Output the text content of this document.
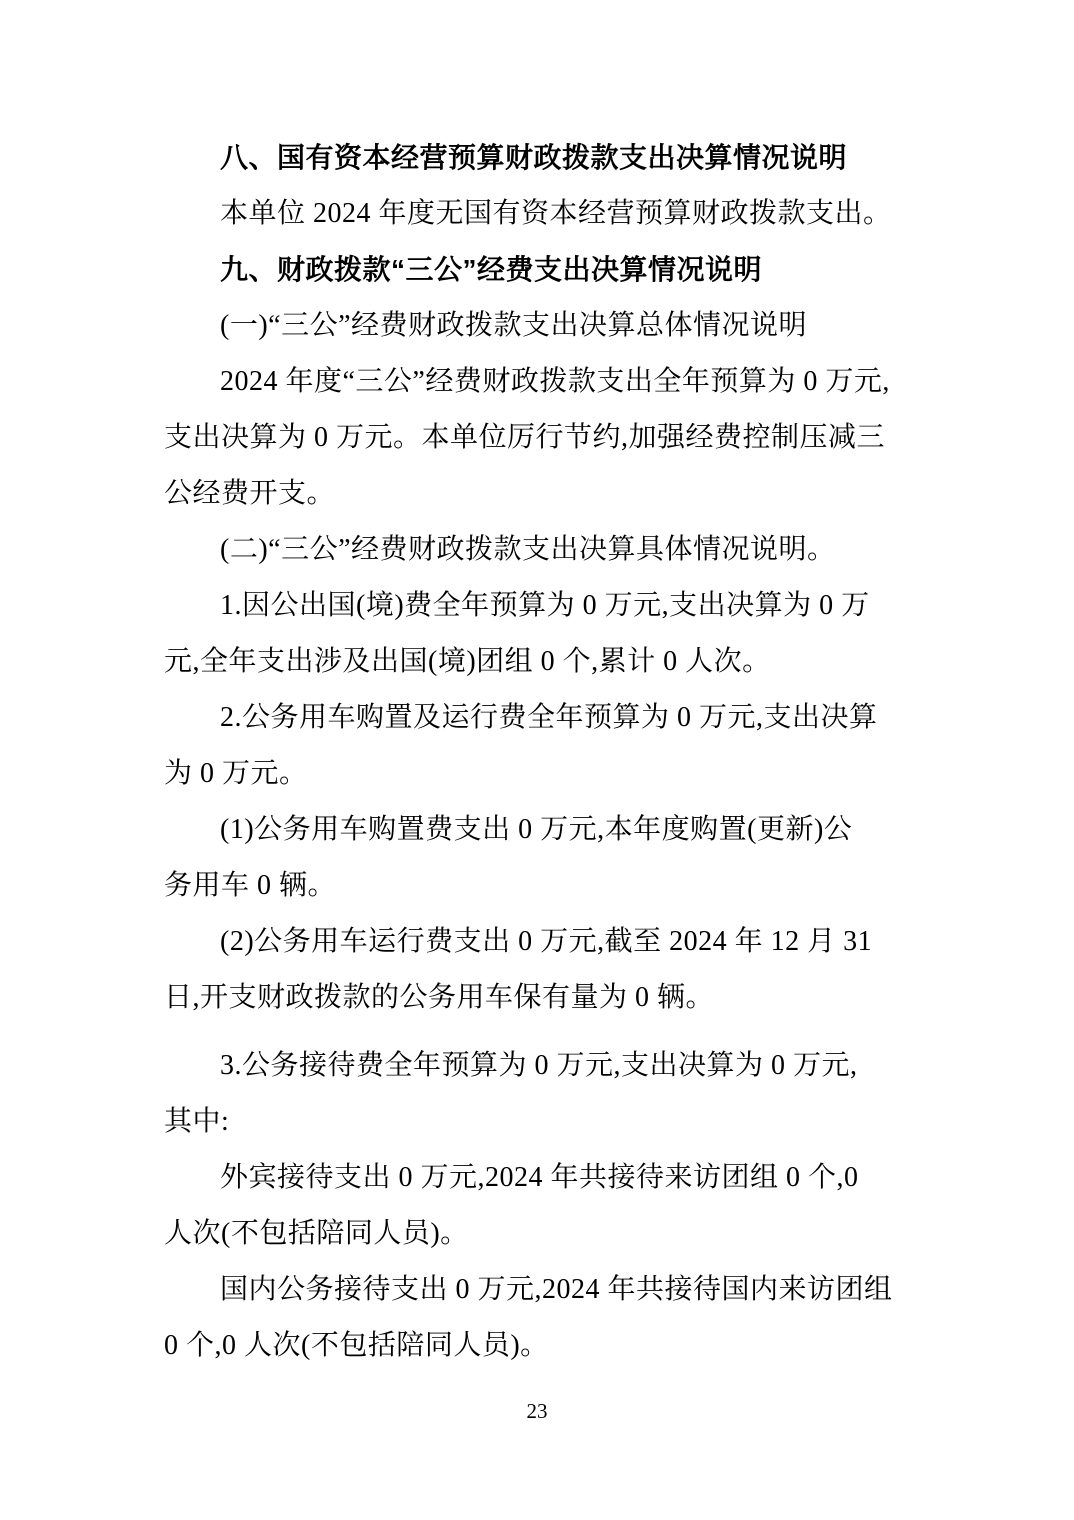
八、国有资本经营预算财政拨款支出决算情况说明
本单位 2024 年度无国有资本经营预算财政拨款支出。
九、财政拨款“三公”经费支出决算情况说明
(一)“三公”经费财政拨款支出决算总体情况说明
2024 年度“三公”经费财政拨款支出全年预算为 0 万元,
支出决算为 0 万元。本单位厉行节约,加强经费控制压减三
公经费开支。
(二)“三公”经费财政拨款支出决算具体情况说明。
1.因公出国(境)费全年预算为 0 万元,支出决算为 0 万
元,全年支出涉及出国(境)团组 0 个,累计 0 人次。
2.公务用车购置及运行费全年预算为 0 万元,支出决算
为 0 万元。
(1)公务用车购置费支出 0 万元,本年度购置(更新)公
务用车 0 辆。
(2)公务用车运行费支出 0 万元,截至 2024 年 12 月 31
日,开支财政拨款的公务用车保有量为 0 辆。
3.公务接待费全年预算为 0 万元,支出决算为 0 万元,
其中:
外宾接待支出 0 万元,2024 年共接待来访团组 0 个,0
人次(不包括陪同人员)。
国内公务接待支出 0 万元,2024 年共接待国内来访团组
0 个,0 人次(不包括陪同人员)。
23
